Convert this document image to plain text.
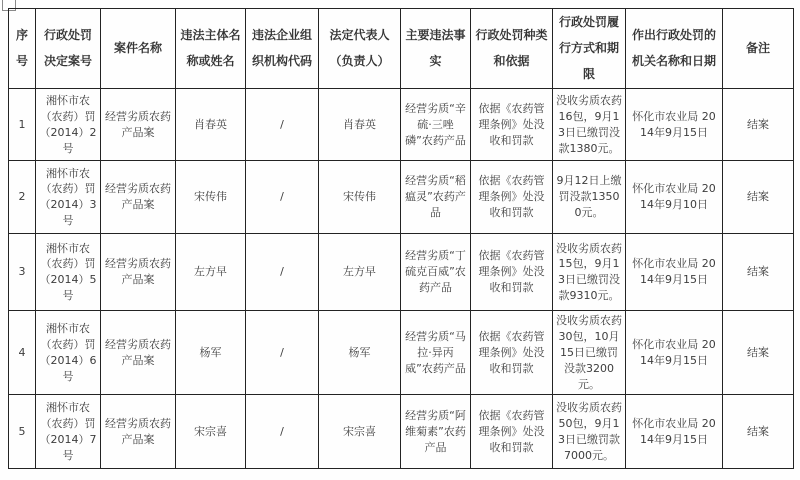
序号	行政处罚决定案号	案件名称	违法主体名称或姓名	违法企业组织机构代码	法定代表人（负责人）	主要违法事实	行政处罚种类和依据	行政处罚履行方式和期限	作出行政处罚的机关名称和日期	备注
1	湘怀市农（农药）罚（2014）2号	经营劣质农药产品案	肖春英	/	肖春英	经营劣质“辛硫·三唑磷”农药产品	依据《农药管理条例》处没收和罚款	没收劣质农药16包，9月13日已缴罚没款1380元。	怀化市农业局 2014年9月15日	结案
2	湘怀市农（农药）罚（2014）3号	经营劣质农药产品案	宋传伟	/	宋传伟	经营劣质“稻瘟灵”农药产品	依据《农药管理条例》处没收和罚款	9月12日上缴罚没款13500元。	怀化市农业局 2014年9月10日	结案
3	湘怀市农（农药）罚（2014）5号	经营劣质农药产品案	左方早	/	左方早	经营劣质“丁硫克百威”农药产品	依据《农药管理条例》处没收和罚款	没收劣质农药15包，9月13日已缴罚没款9310元。	怀化市农业局 2014年9月15日	结案
4	湘怀市农（农药）罚（2014）6号	经营劣质农药产品案	杨军	/	杨军	经营劣质“马拉·异丙威”农药产品	依据《农药管理条例》处没收和罚款	没收劣质农药30包，10月15日已缴罚没款3200元。	怀化市农业局 2014年9月15日	结案
5	湘怀市农（农药）罚（2014）7号	经营劣质农药产品案	宋宗喜	/	宋宗喜	经营劣质“阿维菊素”农药产品	依据《农药管理条例》处没收和罚款	没收劣质农药50包，9月13日已缴罚款7000元。	怀化市农业局 2014年9月15日	结案
